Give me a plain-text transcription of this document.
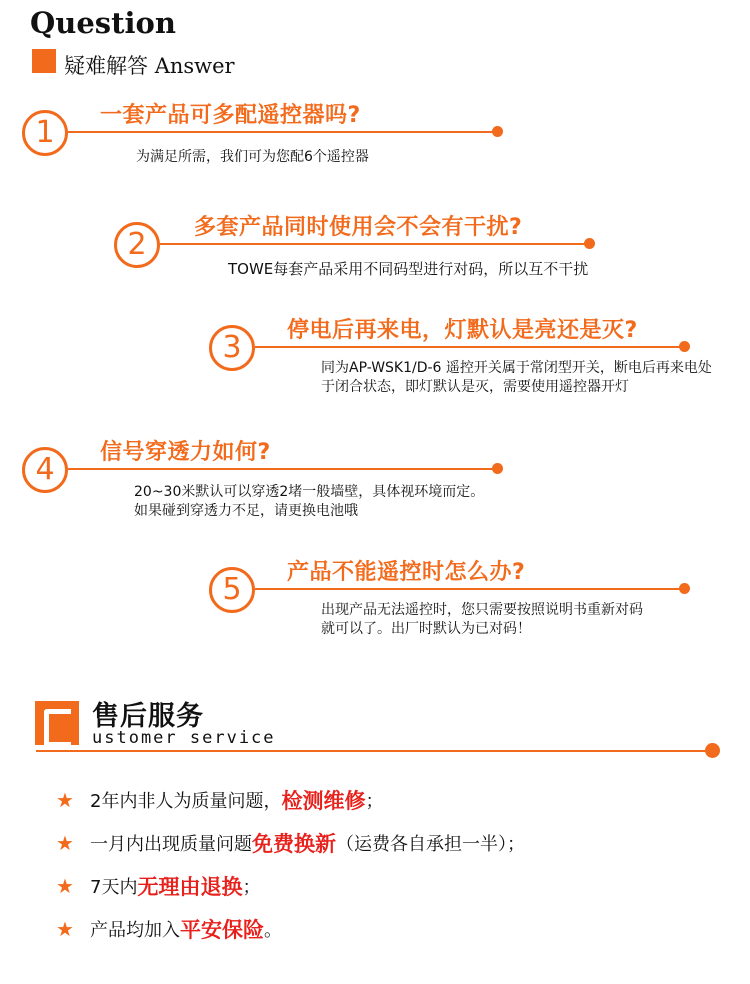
Question
疑难解答 Answer
1	一套产品可多配遥控器吗?
为满足所需，我们可为您配6个遥控器
2	多套产品同时使用会不会有干扰?
TOWE每套产品采用不同码型进行对码，所以互不干扰
3	停电后再来电，灯默认是亮还是灭?
同为AP-WSK1/D-6 遥控开关属于常闭型开关，断电后再来电处于闭合状态，即灯默认是灭，需要使用遥控器开灯
4	信号穿透力如何?
20~30米默认可以穿透2堵一般墙壁，具体视环境而定。
如果碰到穿透力不足，请更换电池哦
5	产品不能遥控时怎么办?
出现产品无法遥控时，您只需要按照说明书重新对码
就可以了。出厂时默认为已对码！
售后服务
ustomer service
★ 2年内非人为质量问题，检测维修；
★ 一月内出现质量问题免费换新（运费各自承担一半）；
★ 7天内无理由退换；
★ 产品均加入平安保险。
